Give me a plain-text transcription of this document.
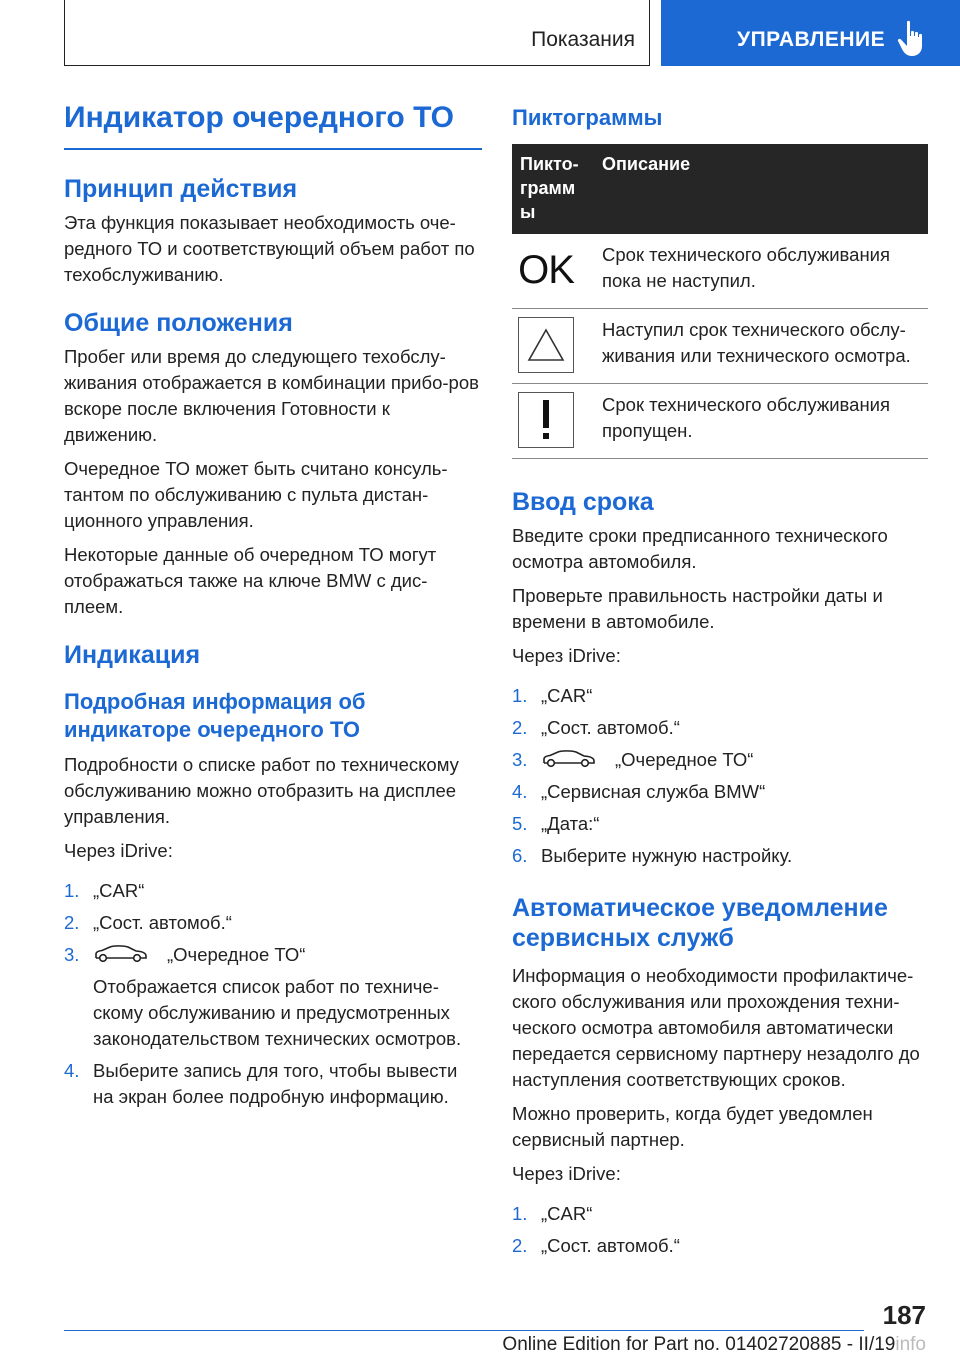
Показания	УПРАВЛЕНИЕ
Индикатор очередного ТО
Принцип действия

Эта функция показывает необходимость оче-редного ТО и соответствующий объем работ по техобслуживанию.

Общие положения

Пробег или время до следующего техобслу-живания отображается в комбинации прибо-ров вскоре после включения Готовности к движению.

Очередное ТО может быть считано консуль-тантом по обслуживанию с пульта дистан-ционного управления.

Некоторые данные об очередном ТО могут отображаться также на ключе BMW с дис-плеем.

Индикация
Подробная информация об индикаторе очередного ТО

Подробности о списке работ по техническому обслуживанию можно отобразить на дисплее управления.

Через iDrive:

1. „CAR“
2. „Сост. автомоб.“
3.	„Очередное ТО“
Отображается список работ по техниче-скому обслуживанию и предусмотренных законодательством технических осмотров.
4. Выберите запись для того, чтобы вывести на экран более подробную информацию.
Пиктограммы
Пикто-грамм ы	Описание

OK	Срок технического обслуживания пока не наступил.

	Наступил срок технического обслу-живания или технического осмотра.

	Срок технического обслуживания пропущен.
Ввод срока

Введите сроки предписанного технического осмотра автомобиля.

Проверьте правильность настройки даты и времени в автомобиле.

Через iDrive:

1. „CAR“
2. „Сост. автомоб.“
3.	„Очередное ТО“
4. „Сервисная служба BMW“
5. „Дата:“
6. Выберите нужную настройку.
Автоматическое уведомление сервисных служб

Информация о необходимости профилактиче-ского обслуживания или прохождения техни-ческого осмотра автомобиля автоматически передается сервисному партнеру незадолго до наступления соответствующих сроков.

Можно проверить, когда будет уведомлен сервисный партнер.

Через iDrive:

1. „CAR“
2. „Сост. автомоб.“
187
Online Edition for Part no. 01402720885 - II/19info
